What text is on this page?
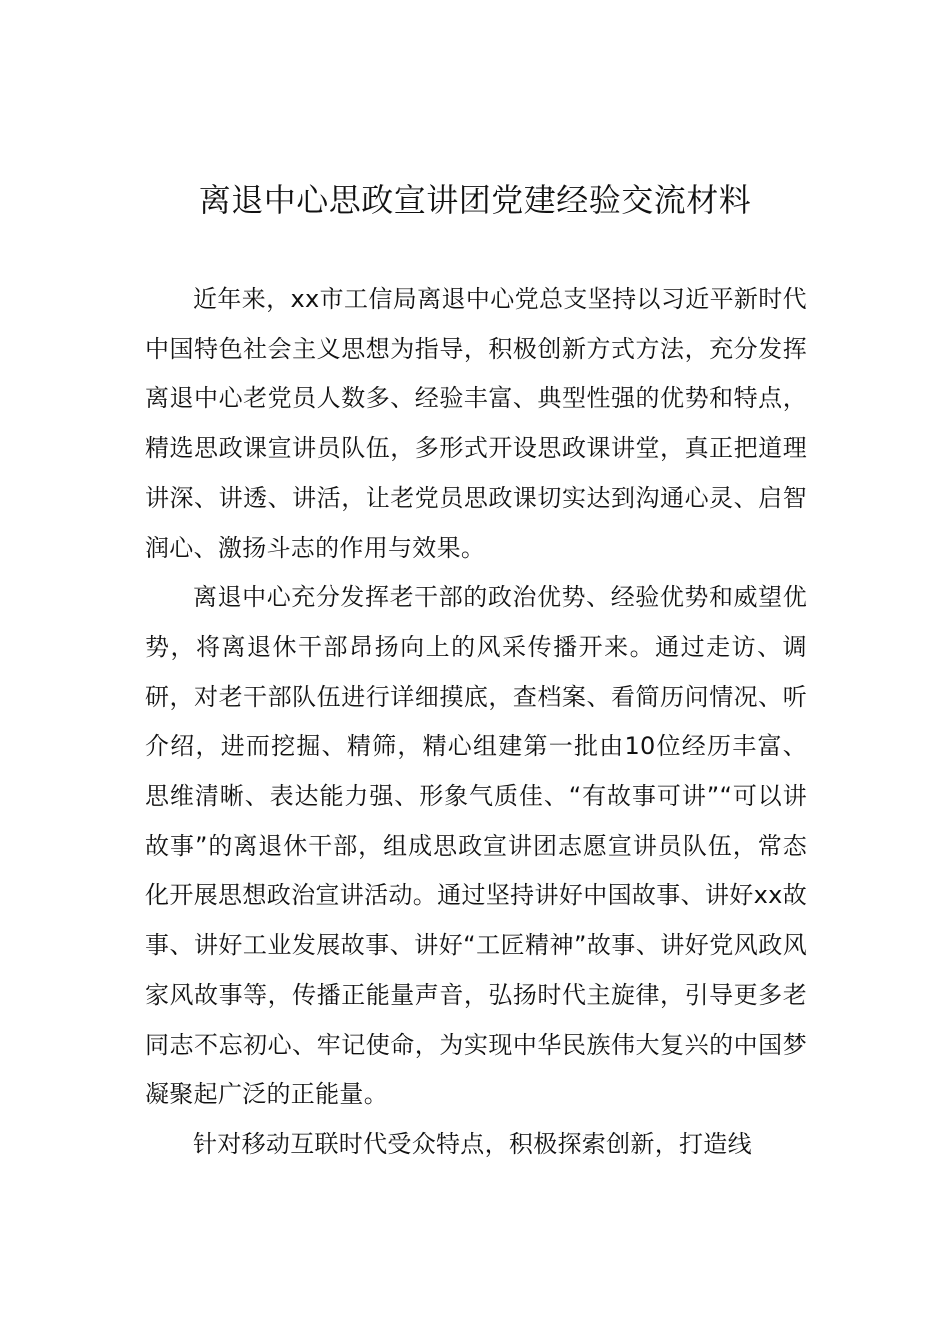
离退中心思政宣讲团党建经验交流材料

近年来，xx市工信局离退中心党总支坚持以习近平新时代中国特色社会主义思想为指导，积极创新方式方法，充分发挥离退中心老党员人数多、经验丰富、典型性强的优势和特点，精选思政课宣讲员队伍，多形式开设思政课讲堂，真正把道理讲深、讲透、讲活，让老党员思政课切实达到沟通心灵、启智润心、激扬斗志的作用与效果。

离退中心充分发挥老干部的政治优势、经验优势和威望优势，将离退休干部昂扬向上的风采传播开来。通过走访、调研，对老干部队伍进行详细摸底，查档案、看简历问情况、听介绍，进而挖掘、精筛，精心组建第一批由10位经历丰富、思维清晰、表达能力强、形象气质佳、“有故事可讲”“可以讲故事”的离退休干部，组成思政宣讲团志愿宣讲员队伍，常态化开展思想政治宣讲活动。通过坚持讲好中国故事、讲好xx故事、讲好工业发展故事、讲好“工匠精神”故事、讲好党风政风家风故事等，传播正能量声音，弘扬时代主旋律，引导更多老同志不忘初心、牢记使命，为实现中华民族伟大复兴的中国梦凝聚起广泛的正能量。

针对移动互联时代受众特点，积极探索创新，打造线
